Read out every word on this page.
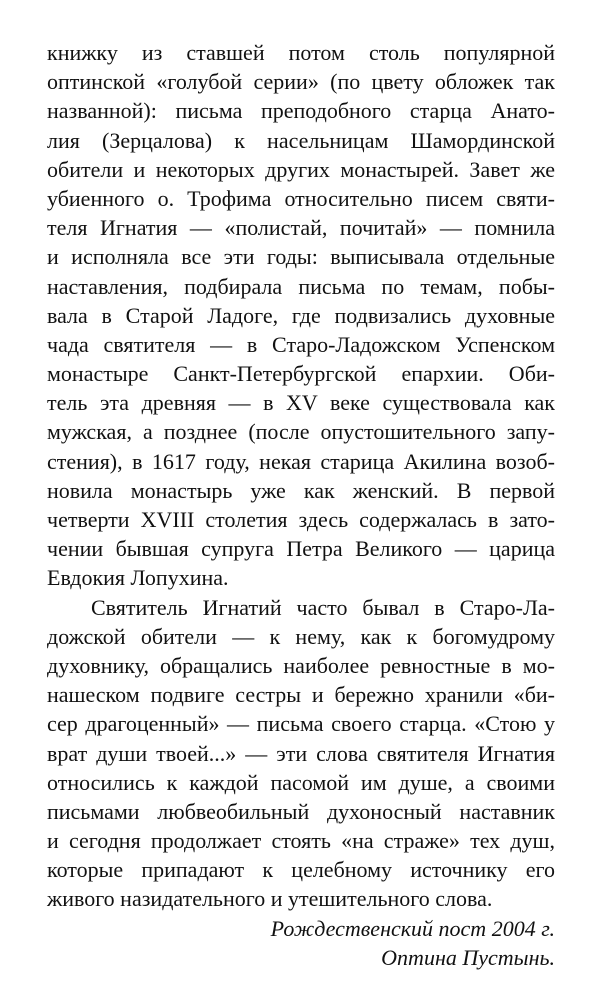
книжку из ставшей потом столь популярной
оптинской «голубой серии» (по цвету обложек так
названной): письма преподобного старца Анато-
лия (Зерцалова) к насельницам Шамординской
обители и некоторых других монастырей. Завет же
убиенного о. Трофима относительно писем святи-
теля Игнатия — «полистай, почитай» — помнила
и исполняла все эти годы: выписывала отдельные
наставления, подбирала письма по темам, побы-
вала в Старой Ладоге, где подвизались духовные
чада святителя — в Старо-Ладожском Успенском
монастыре Санкт-Петербургской епархии. Оби-
тель эта древняя — в XV веке существовала как
мужская, а позднее (после опустошительного запу-
стения), в 1617 году, некая старица Акилина возоб-
новила монастырь уже как женский. В первой
четверти XVIII столетия здесь содержалась в зато-
чении бывшая супруга Петра Великого — царица
Евдокия Лопухина.
Святитель Игнатий часто бывал в Старо-Ла-
дожской обители — к нему, как к богомудрому
духовнику, обращались наиболее ревностные в мо-
нашеском подвиге сестры и бережно хранили «би-
сер драгоценный» — письма своего старца. «Стою у
врат души твоей...» — эти слова святителя Игнатия
относились к каждой пасомой им душе, а своими
письмами любвеобильный духоносный наставник
и сегодня продолжает стоять «на страже» тех душ,
которые припадают к целебному источнику его
живого назидательного и утешительного слова.
Рождественский пост 2004 г.
Оптина Пустынь.
